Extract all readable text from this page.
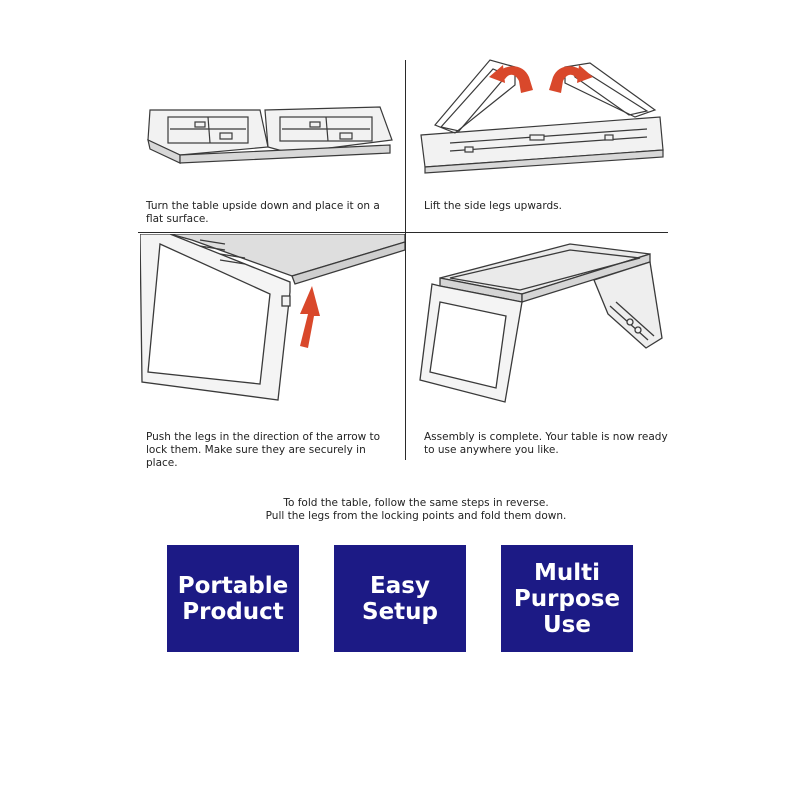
Turn the table upside down and place it on a flat surface.
Lift the side legs upwards.
Push the legs in the direction of the arrow to lock them. Make sure they are securely in place.
Assembly is complete. Your table is now ready to use anywhere you like.
To fold the table, follow the same steps in reverse.
Pull the legs from the locking points and fold them down.
Portable
Product
Easy
Setup
Multi
Purpose
Use
